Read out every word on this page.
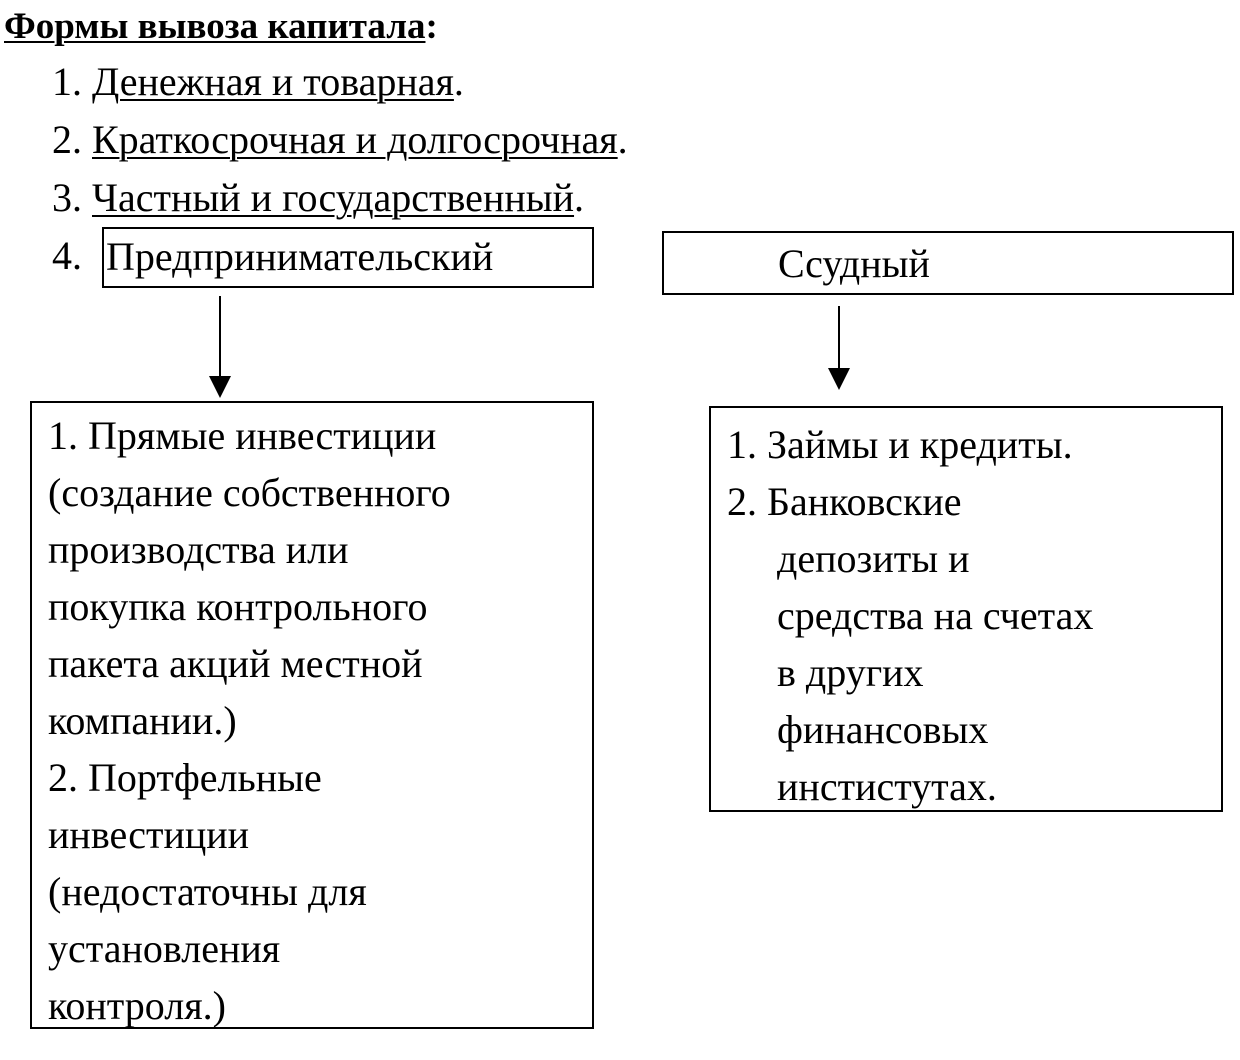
Формы вывоза капитала:
1. Денежная и товарная.
2. Краткосрочная и долгосрочная.
3. Частный и государственный.
4. Предпринимательский	Ссудный
1. Прямые инвестиции
(создание собственного
производства или
покупка контрольного
пакета акций местной
компании.)
2. Портфельные
инвестиции
(недостаточны для
установления
контроля.)
1. Займы и кредиты.
2. Банковские
депозиты и
средства на счетах
в других
финансовых
инстиcтутах.
